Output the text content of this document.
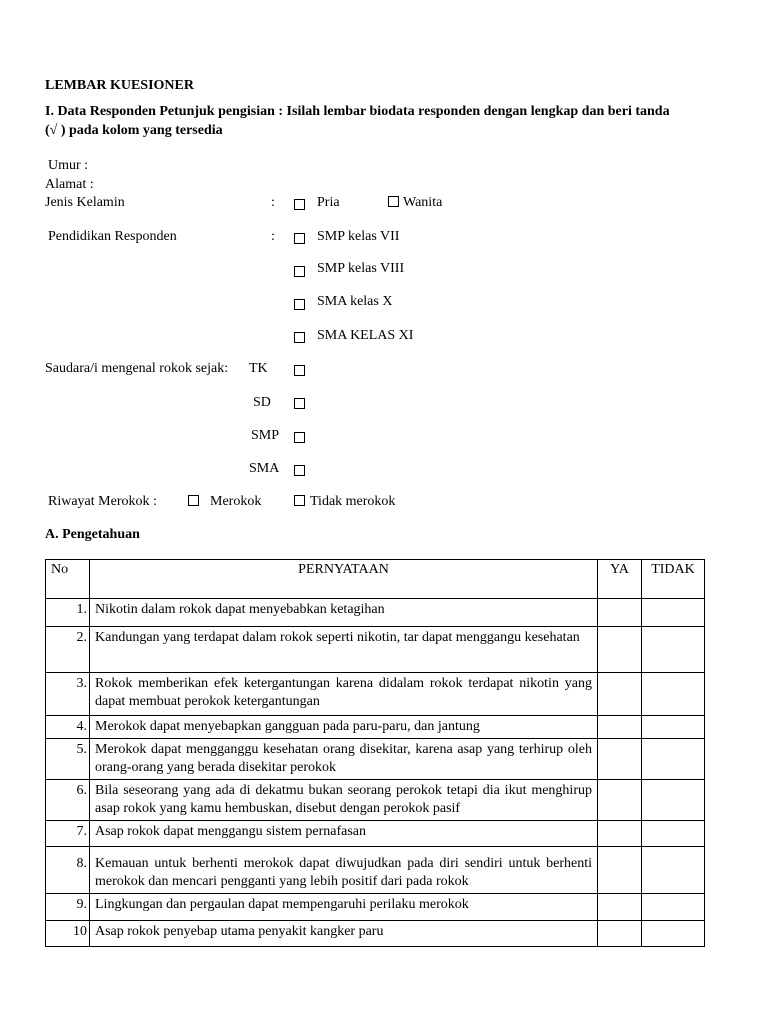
LEMBAR KUESIONER
I. Data Responden Petunjuk pengisian : Isilah lembar biodata responden dengan lengkap dan beri tanda
(√ ) pada kolom yang tersedia
Umur :
Alamat :
Jenis Kelamin	:	Pria	Wanita
Pendidikan Responden	:	SMP kelas VII
SMP kelas VIII
SMA kelas X
SMA KELAS XI
Saudara/i mengenal rokok sejak: TK
SD
SMP
SMA
Riwayat Merokok :	Merokok	Tidak merokok
A. Pengetahuan
No	PERNYATAAN	YA	TIDAK
1.	Nikotin dalam rokok dapat menyebabkan ketagihan		
2.	Kandungan yang terdapat dalam rokok seperti nikotin, tar dapat menggangu kesehatan		
3.	Rokok memberikan efek ketergantungan karena didalam rokok terdapat nikotin yang dapat membuat perokok ketergantungan		
4.	Merokok dapat menyebapkan gangguan pada paru-paru, dan jantung		
5.	Merokok dapat mengganggu kesehatan orang disekitar, karena asap yang terhirup oleh orang-orang yang berada disekitar perokok		
6.	Bila seseorang yang ada di dekatmu bukan seorang perokok tetapi dia ikut menghirup asap rokok yang kamu hembuskan, disebut dengan perokok pasif		
7.	Asap rokok dapat menggangu sistem pernafasan		
8.	Kemauan untuk berhenti merokok dapat diwujudkan pada diri sendiri untuk berhenti merokok dan mencari pengganti yang lebih positif dari pada rokok		
9.	Lingkungan dan pergaulan dapat mempengaruhi perilaku merokok		
10	Asap rokok penyebap utama penyakit kangker paru		
